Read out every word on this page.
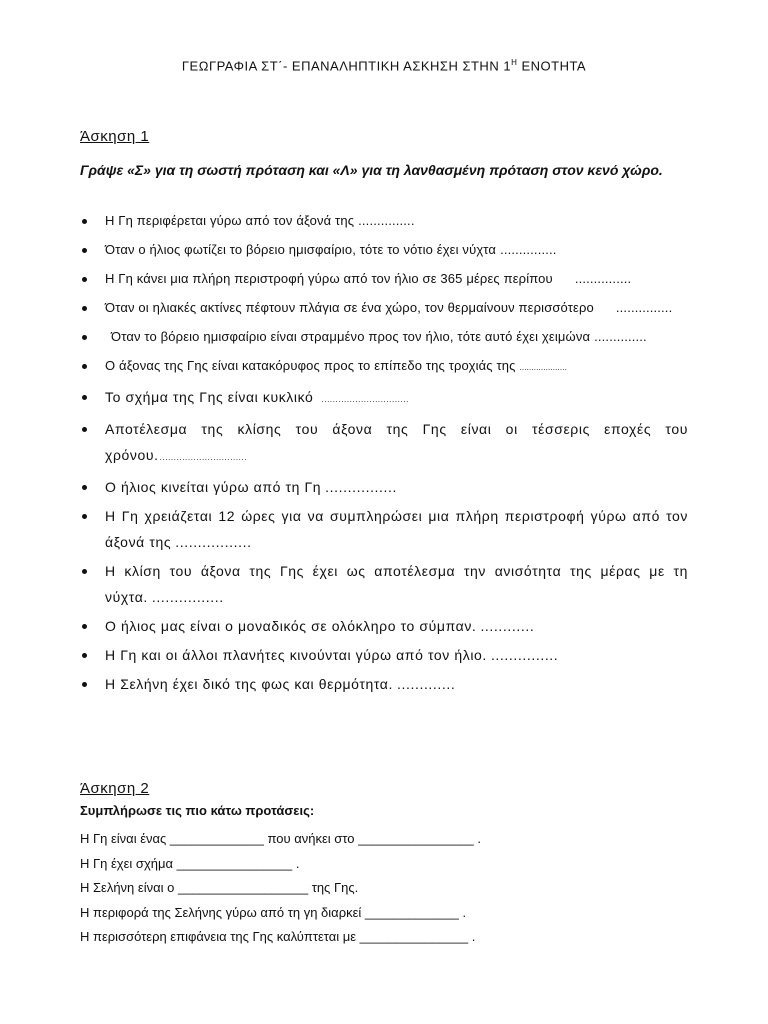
ΓΕΩΓΡΑΦΙΑ ΣΤ΄- ΕΠΑΝΑΛΗΠΤΙΚΗ ΑΣΚΗΣΗ ΣΤΗΝ $1^H$ ΕΝΟΤΗΤΑ
Άσκηση 1
Γράψε «Σ» για τη σωστή πρόταση και «Λ» για τη λανθασμένη πρόταση στον κενό χώρο.
Η Γη περιφέρεται γύρω από τον άξονά της ...............
Όταν ο ήλιος φωτίζει το βόρειο ημισφαίριο, τότε το νότιο έχει νύχτα ...............
Η Γη κάνει μια πλήρη περιστροφή γύρω από τον ήλιο σε 365 μέρες περίπου ...............
Όταν οι ηλιακές ακτίνες πέφτουν πλάγια σε ένα χώρο, τον θερμαίνουν περισσότερο ...............
Όταν το βόρειο ημισφαίριο είναι στραμμένο προς τον ήλιο, τότε αυτό έχει χειμώνα ..............
Ο άξονας της Γης είναι κατακόρυφος προς το επίπεδο της τροχιάς της ....................
Το σχήμα της Γης είναι κυκλικό ...............................
Αποτέλεσμα της κλίσης του άξονα της Γης είναι οι τέσσερις εποχές του χρόνου................................
Ο ήλιος κινείται γύρω από τη Γη ................
Η Γη χρειάζεται 12 ώρες για να συμπληρώσει μια πλήρη περιστροφή γύρω από τον άξονά της .................
Η κλίση του άξονα της Γης έχει ως αποτέλεσμα την ανισότητα της μέρας με τη νύχτα. ................
Ο ήλιος μας είναι ο μοναδικός σε ολόκληρο το σύμπαν. ............
Η Γη και οι άλλοι πλανήτες κινούνται γύρω από τον ήλιο. ...............
Η Σελήνη έχει δικό της φως και θερμότητα. .............
Άσκηση 2
Συμπλήρωσε τις πιο κάτω προτάσεις:
Η Γη είναι ένας _____________ που ανήκει στο ________________ .
Η Γη έχει σχήμα ________________ .
Η Σελήνη είναι ο __________________ της Γης.
Η περιφορά της Σελήνης γύρω από τη γη διαρκεί _____________ .
Η περισσότερη επιφάνεια της Γης καλύπτεται με _______________ .
